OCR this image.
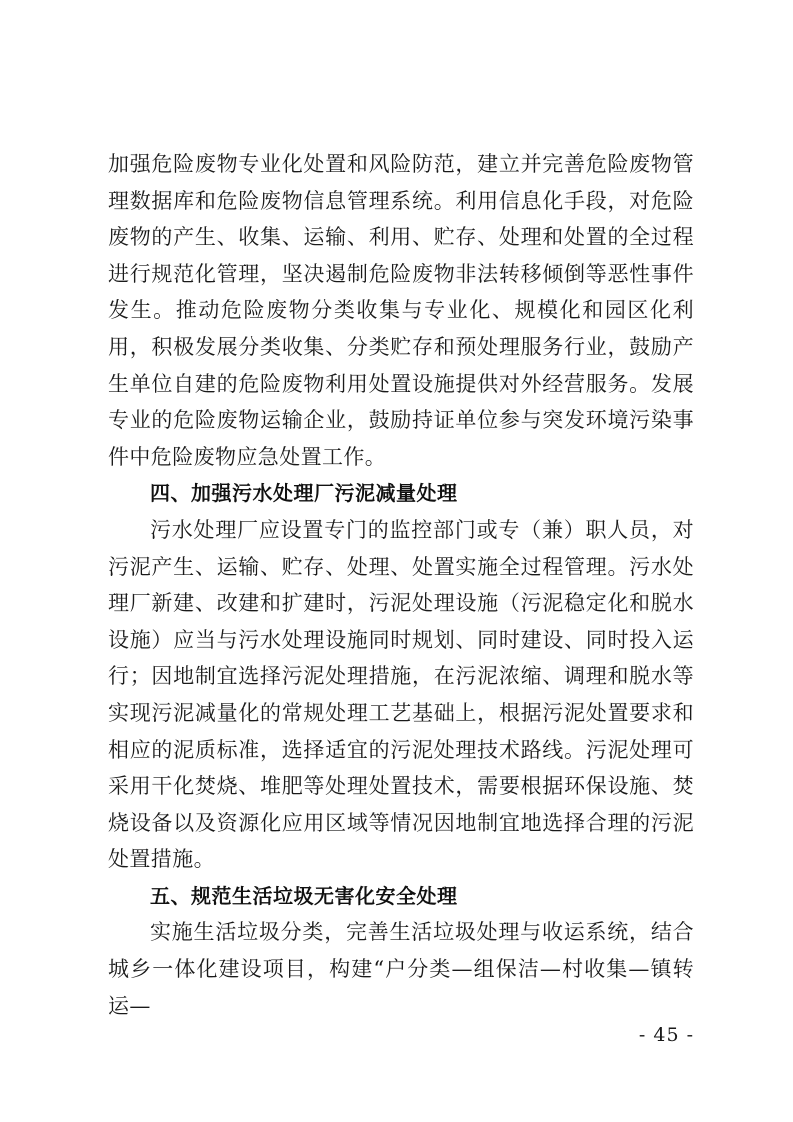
加强危险废物专业化处置和风险防范，建立并完善危险废物管理数据库和危险废物信息管理系统。利用信息化手段，对危险废物的产生、收集、运输、利用、贮存、处理和处置的全过程进行规范化管理，坚决遏制危险废物非法转移倾倒等恶性事件发生。推动危险废物分类收集与专业化、规模化和园区化利用，积极发展分类收集、分类贮存和预处理服务行业，鼓励产生单位自建的危险废物利用处置设施提供对外经营服务。发展专业的危险废物运输企业，鼓励持证单位参与突发环境污染事件中危险废物应急处置工作。

四、加强污水处理厂污泥减量处理

污水处理厂应设置专门的监控部门或专（兼）职人员，对污泥产生、运输、贮存、处理、处置实施全过程管理。污水处理厂新建、改建和扩建时，污泥处理设施（污泥稳定化和脱水设施）应当与污水处理设施同时规划、同时建设、同时投入运行；因地制宜选择污泥处理措施，在污泥浓缩、调理和脱水等实现污泥减量化的常规处理工艺基础上，根据污泥处置要求和相应的泥质标准，选择适宜的污泥处理技术路线。污泥处理可采用干化焚烧、堆肥等处理处置技术，需要根据环保设施、焚烧设备以及资源化应用区域等情况因地制宜地选择合理的污泥处置措施。

五、规范生活垃圾无害化安全处理

实施生活垃圾分类，完善生活垃圾处理与收运系统，结合城乡一体化建设项目，构建“户分类—组保洁—村收集—镇转运—

- 45 -
